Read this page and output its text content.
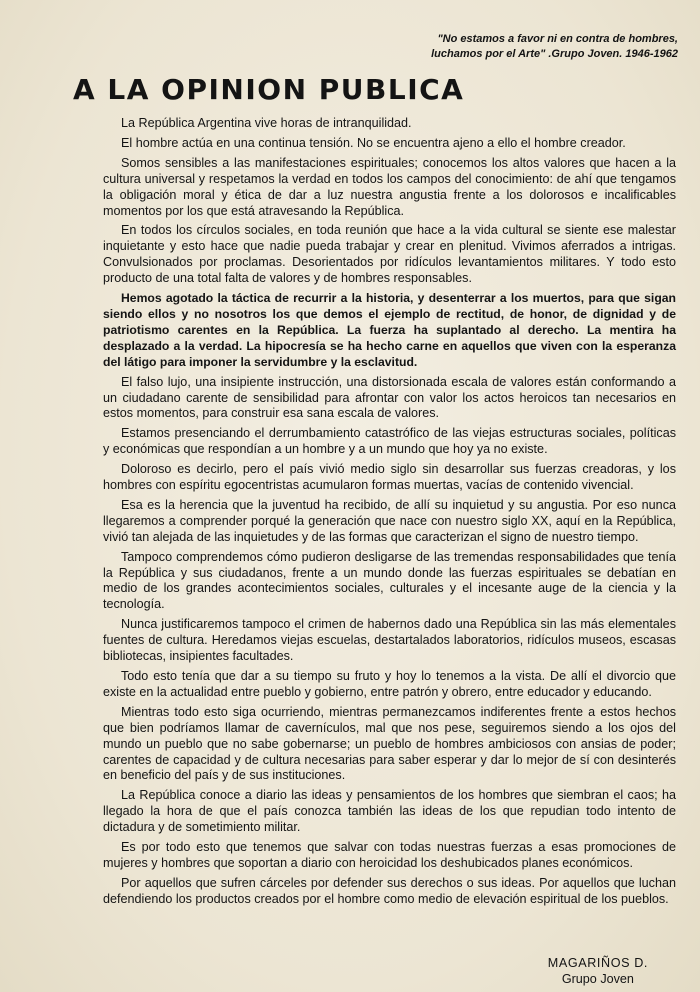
"No estamos a favor ni en contra de hombres,
luchamos por el Arte" .Grupo Joven. 1946-1962
A LA OPINION PUBLICA

La República Argentina vive horas de intranquilidad.

El hombre actúa en una continua tensión. No se encuentra ajeno a ello el hombre creador.

Somos sensibles a las manifestaciones espirituales; conocemos los altos valores que hacen a la cultura universal y respetamos la verdad en todos los campos del conocimiento: de ahí que tengamos la obligación moral y ética de dar a luz nuestra angustia frente a los dolorosos e incalificables momentos por los que está atravesando la República.

En todos los círculos sociales, en toda reunión que hace a la vida cultural se siente ese malestar inquietante y esto hace que nadie pueda trabajar y crear en plenitud. Vivimos aferrados a intrigas. Convulsionados por proclamas. Desorientados por ridículos levantamientos militares. Y todo esto producto de una total falta de valores y de hombres responsables.

Hemos agotado la táctica de recurrir a la historia, y desenterrar a los muertos, para que sigan siendo ellos y no nosotros los que demos el ejemplo de rectitud, de honor, de dignidad y de patriotismo carentes en la República. La fuerza ha suplantado al derecho. La mentira ha desplazado a la verdad. La hipocresía se ha hecho carne en aquellos que viven con la esperanza del látigo para imponer la servidumbre y la esclavitud.

El falso lujo, una insipiente instrucción, una distorsionada escala de valores están conformando a un ciudadano carente de sensibilidad para afrontar con valor los actos heroicos tan necesarios en estos momentos, para construir esa sana escala de valores.

Estamos presenciando el derrumbamiento catastrófico de las viejas estructuras sociales, políticas y económicas que respondían a un hombre y a un mundo que hoy ya no existe.

Doloroso es decirlo, pero el país vivió medio siglo sin desarrollar sus fuerzas creadoras, y los hombres con espíritu egocentristas acumularon formas muertas, vacías de contenido vivencial.

Esa es la herencia que la juventud ha recibido, de allí su inquietud y su angustia. Por eso nunca llegaremos a comprender porqué la generación que nace con nuestro siglo XX, aquí en la República, vivió tan alejada de las inquietudes y de las formas que caracterizan el signo de nuestro tiempo.

Tampoco comprendemos cómo pudieron desligarse de las tremendas responsabilidades que tenía la República y sus ciudadanos, frente a un mundo donde las fuerzas espirituales se debatían en medio de los grandes acontecimientos sociales, culturales y el incesante auge de la ciencia y la tecnología.

Nunca justificaremos tampoco el crimen de habernos dado una República sin las más elementales fuentes de cultura. Heredamos viejas escuelas, destartalados laboratorios, ridículos museos, escasas bibliotecas, insipientes facultades.

Todo esto tenía que dar a su tiempo su fruto y hoy lo tenemos a la vista. De allí el divorcio que existe en la actualidad entre pueblo y gobierno, entre patrón y obrero, entre educador y educando.

Mientras todo esto siga ocurriendo, mientras permanezcamos indiferentes frente a estos hechos que bien podríamos llamar de cavernículos, mal que nos pese, seguiremos siendo a los ojos del mundo un pueblo que no sabe gobernarse; un pueblo de hombres ambiciosos con ansias de poder; carentes de capacidad y de cultura necesarias para saber esperar y dar lo mejor de sí con desinterés en beneficio del país y de sus instituciones.

La República conoce a diario las ideas y pensamientos de los hombres que siembran el caos; ha llegado la hora de que el país conozca también las ideas de los que repudian todo intento de dictadura y de sometimiento militar.

Es por todo esto que tenemos que salvar con todas nuestras fuerzas a esas promociones de mujeres y hombres que soportan a diario con heroicidad los deshubicados planes económicos.

Por aquellos que sufren cárceles por defender sus derechos o sus ideas. Por aquellos que luchan defendiendo los productos creados por el hombre como medio de elevación espiritual de los pueblos.

MAGARIÑOS D.
Grupo Joven
